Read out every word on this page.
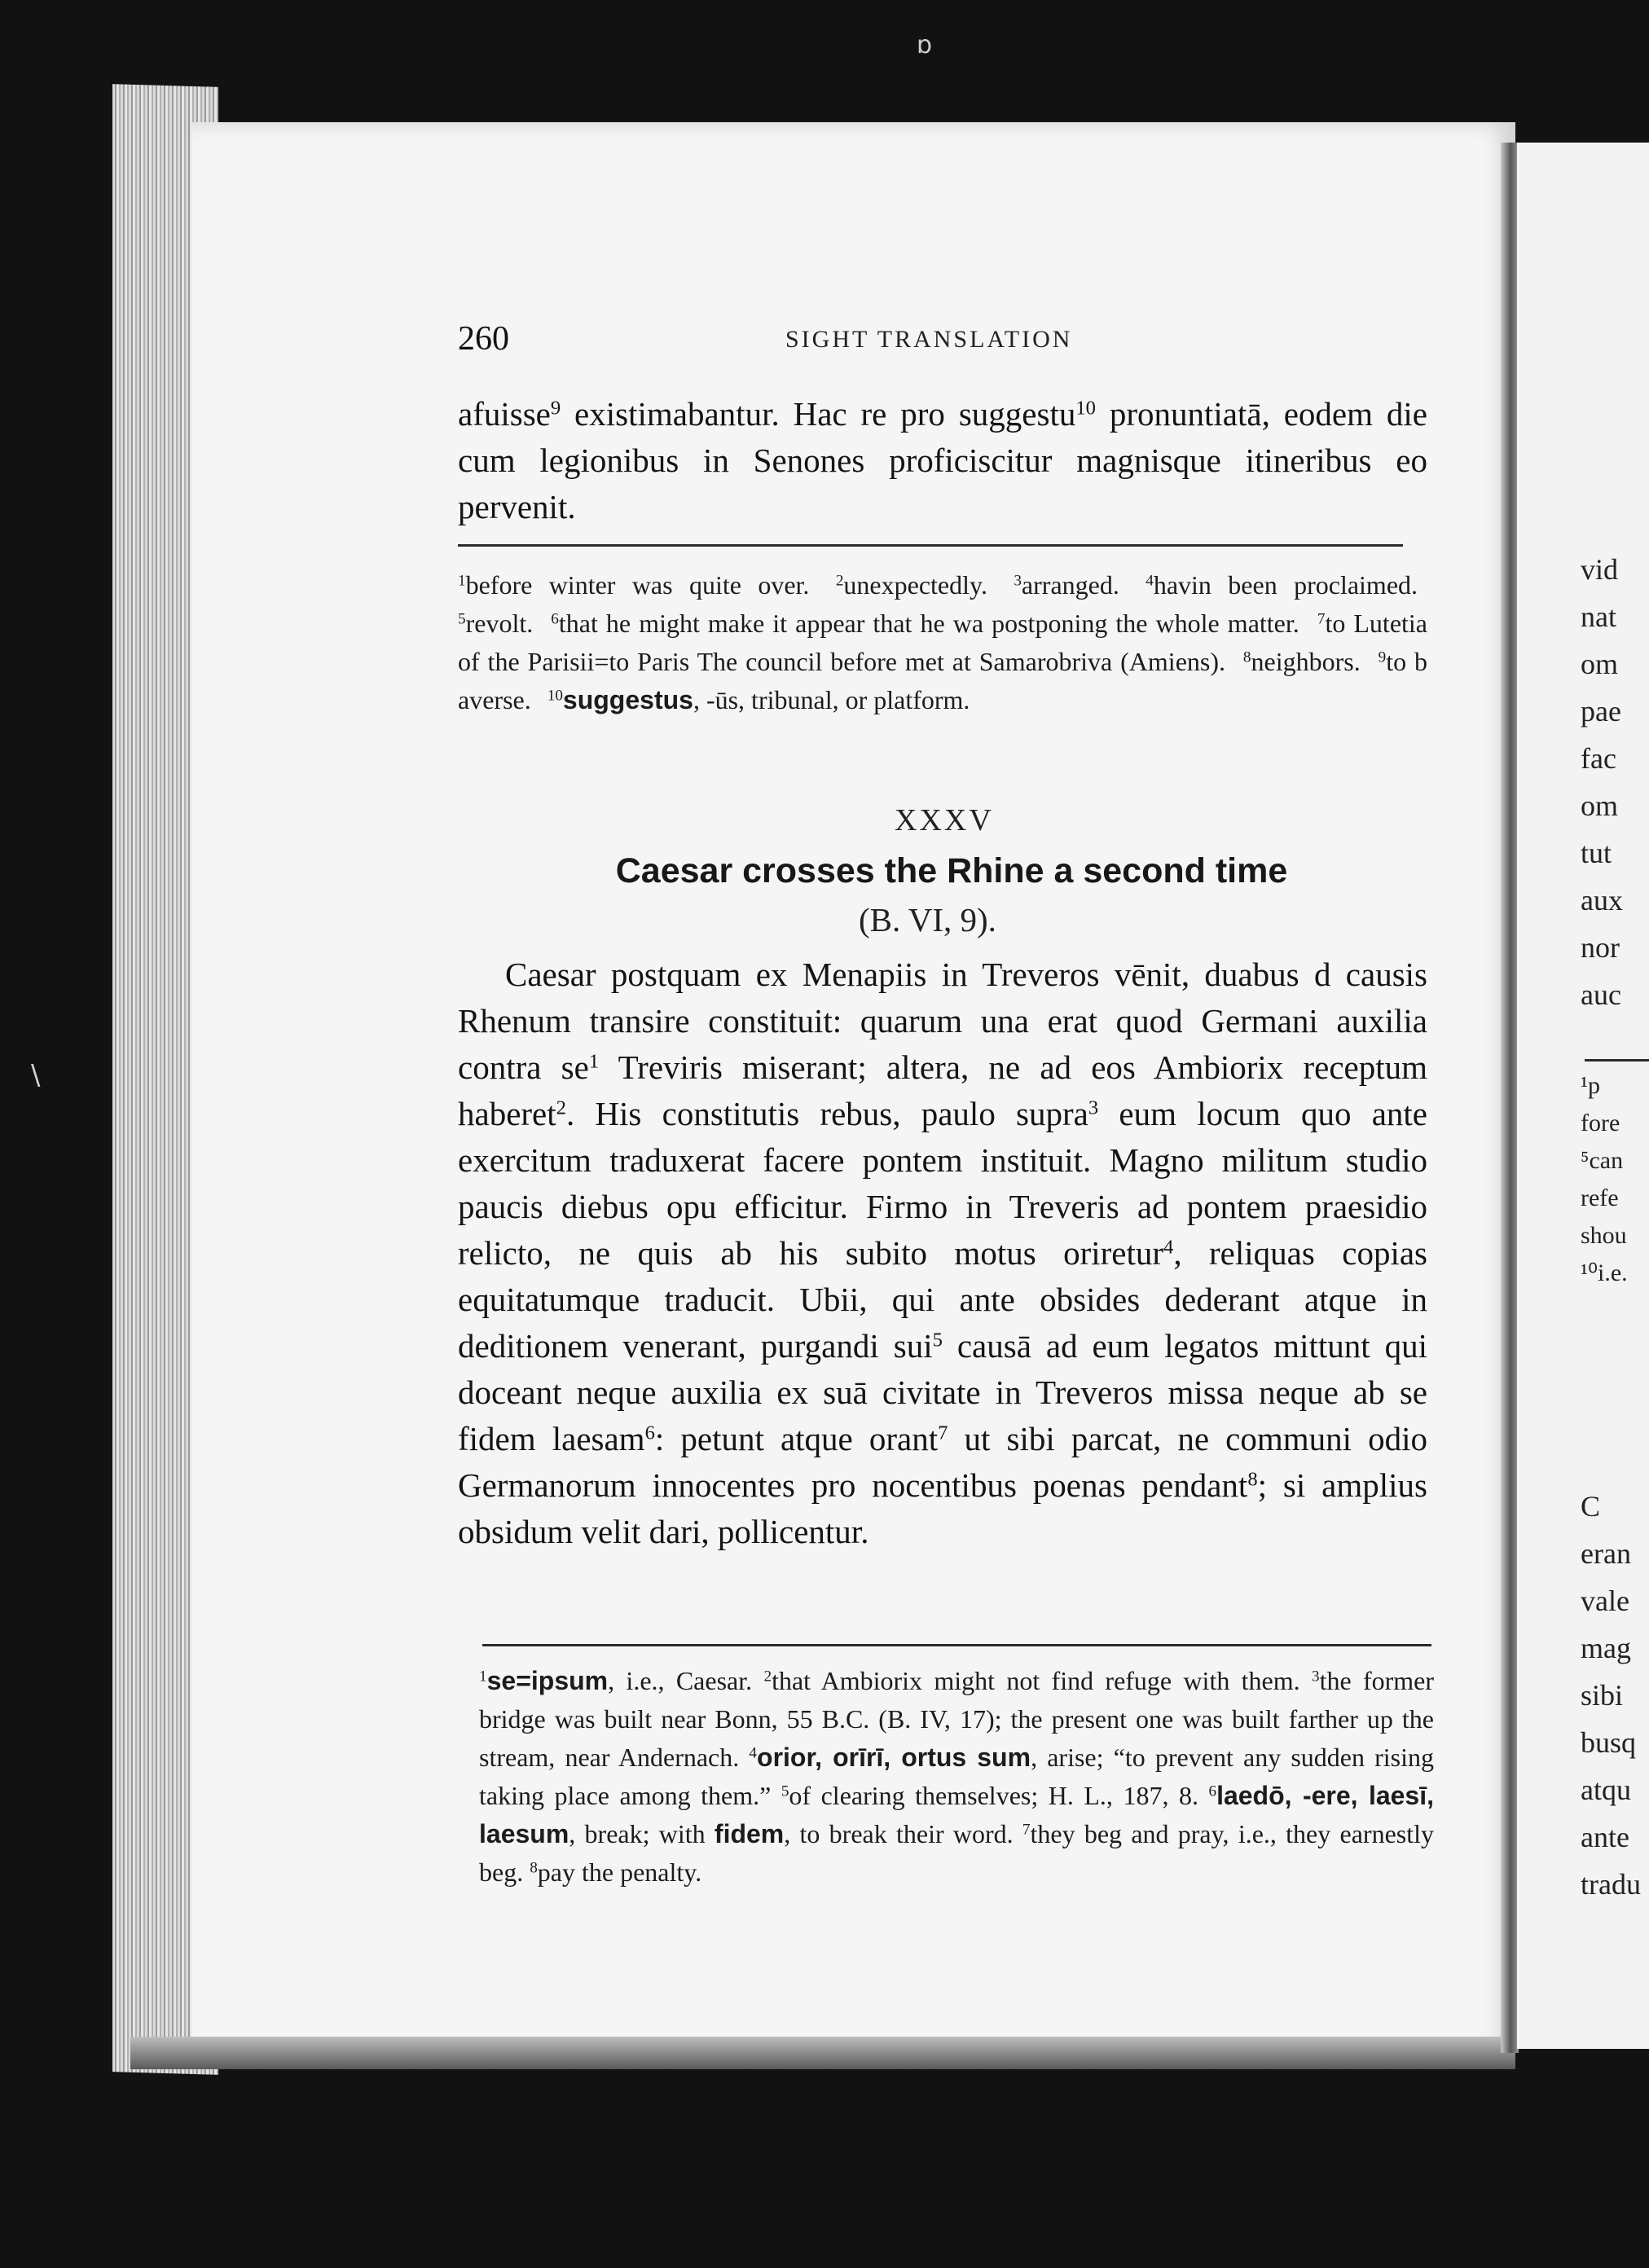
ɒ
\
260	SIGHT TRANSLATION

afuisse$^9$ existimabantur. Hac re pro suggestu$^{10}$ pronuntiatā, eodem die cum legionibus in Senones proficiscitur magnisque itineribus eo pervenit.

$^1$before winter was quite over. $^2$unexpectedly. $^3$arranged. $^4$havin been proclaimed. $^5$revolt. $^6$that he might make it appear that he wa postponing the whole matter. $^7$to Lutetia of the Parisii=to Paris The council before met at Samarobriva (Amiens). $^8$neighbors. $^9$to b averse. $^{10}$suggestus, -ūs, tribunal, or platform.
XXXV
Caesar crosses the Rhine a second time
(B. VI, 9).

Caesar postquam ex Menapiis in Treveros vēnit, duabus d causis Rhenum transire constituit: quarum una erat quod Germani auxilia contra $se^1$ Treviris miserant; altera, ne ad eos Ambiorix receptum haberet$^2$. His constitutis rebus, paulo supra$^3$ eum locum quo ante exercitum traduxerat facere pontem instituit. Magno militum studio paucis diebus opu efficitur. Firmo in Treveris ad pontem praesidio relicto, ne quis ab his subito motus oriretur$^4$, reliquas copias equitatumque traducit. Ubii, qui ante obsides dederant atque in deditionem venerant, purgandi sui$^5$ causā ad eum legatos mittunt qui doceant neque auxilia ex suā civitate in Treveros missa neque ab se fidem laesam$^6$: petunt atque orant$^7$ ut sibi parcat, ne communi odio Germanorum innocentes pro nocentibus poenas pendant$^8$; si amplius obsidum velit dari, pollicentur.

$^1$se=ipsum, i.e., Caesar. $^2$that Ambiorix might not find refuge with them. $^3$the former bridge was built near Bonn, 55 B.C. (B. IV, 17); the present one was built farther up the stream, near Andernach. $^4$orior, orīrī, ortus sum, arise; “to prevent any sudden rising taking place among them.” $^5$of clearing themselves; H. L., 187, 8. $^6$laedō, -ere, laesī, laesum, break; with fidem, to break their word. $^7$they beg and pray, i.e., they earnestly beg. $^8$pay the penalty.
vid
nat
om
pae
fac
om
tut
aux
nor
auc
¹p
fore
⁵can
refe
shou
¹⁰i.e.
C
eran
vale
mag
sibi
busq
atqu
ante
tradu
